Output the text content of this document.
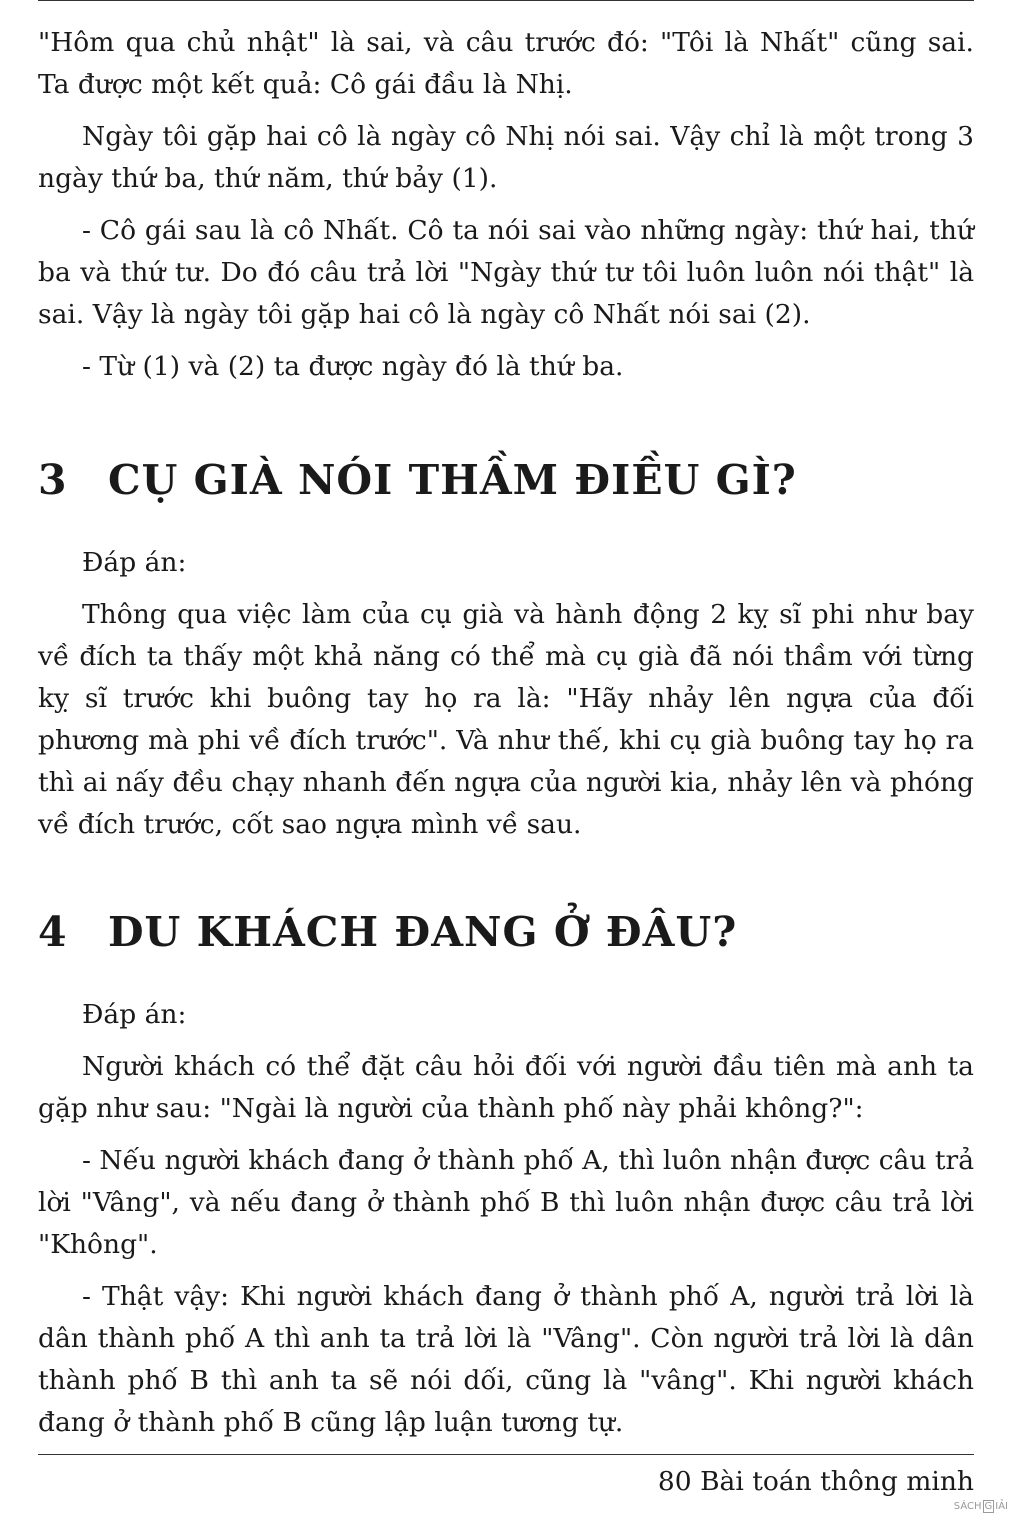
"Hôm qua chủ nhật" là sai, và câu trước đó: "Tôi là Nhất" cũng sai. Ta được một kết quả: Cô gái đầu là Nhị.

Ngày tôi gặp hai cô là ngày cô Nhị nói sai. Vậy chỉ là một trong 3 ngày thứ ba, thứ năm, thứ bảy (1).

- Cô gái sau là cô Nhất. Cô ta nói sai vào những ngày: thứ hai, thứ ba và thứ tư. Do đó câu trả lời "Ngày thứ tư tôi luôn luôn nói thật" là sai. Vậy là ngày tôi gặp hai cô là ngày cô Nhất nói sai (2).

- Từ (1) và (2) ta được ngày đó là thứ ba.

3 CỤ GIÀ NÓI THẦM ĐIỀU GÌ?

Đáp án:

Thông qua việc làm của cụ già và hành động 2 kỵ sĩ phi như bay về đích ta thấy một khả năng có thể mà cụ già đã nói thầm với từng kỵ sĩ trước khi buông tay họ ra là: "Hãy nhảy lên ngựa của đối phương mà phi về đích trước". Và như thế, khi cụ già buông tay họ ra thì ai nấy đều chạy nhanh đến ngựa của người kia, nhảy lên và phóng về đích trước, cốt sao ngựa mình về sau.

4 DU KHÁCH ĐANG Ở ĐÂU?

Đáp án:

Người khách có thể đặt câu hỏi đối với người đầu tiên mà anh ta gặp như sau: "Ngài là người của thành phố này phải không?":

- Nếu người khách đang ở thành phố A, thì luôn nhận được câu trả lời "Vâng", và nếu đang ở thành phố B thì luôn nhận được câu trả lời "Không".

- Thật vậy: Khi người khách đang ở thành phố A, người trả lời là dân thành phố A thì anh ta trả lời là "Vâng". Còn người trả lời là dân thành phố B thì anh ta sẽ nói dối, cũng là "vâng". Khi người khách đang ở thành phố B cũng lập luận tương tự.

80 Bài toán thông minh
SÁCH G IẢI
